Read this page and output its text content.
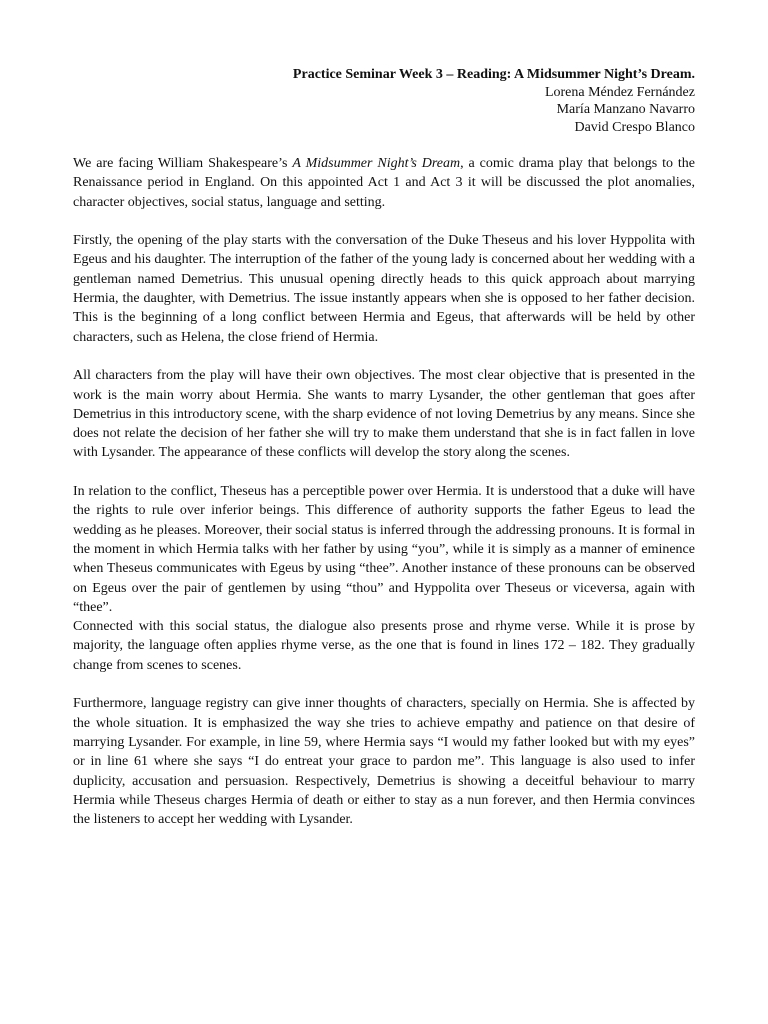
Practice Seminar Week 3 – Reading: A Midsummer Night’s Dream.
Lorena Méndez Fernández
María Manzano Navarro
David Crespo Blanco

We are facing William Shakespeare’s A Midsummer Night’s Dream, a comic drama play that belongs to the Renaissance period in England. On this appointed Act 1 and Act 3 it will be discussed the plot anomalies, character objectives, social status, language and setting.

Firstly, the opening of the play starts with the conversation of the Duke Theseus and his lover Hyppolita with Egeus and his daughter. The interruption of the father of the young lady is concerned about her wedding with a gentleman named Demetrius. This unusual opening directly heads to this quick approach about marrying Hermia, the daughter, with Demetrius. The issue instantly appears when she is opposed to her father decision. This is the beginning of a long conflict between Hermia and Egeus, that afterwards will be held by other characters, such as Helena, the close friend of Hermia.

All characters from the play will have their own objectives. The most clear objective that is presented in the work is the main worry about Hermia. She wants to marry Lysander, the other gentleman that goes after Demetrius in this introductory scene, with the sharp evidence of not loving Demetrius by any means. Since she does not relate the decision of her father she will try to make them understand that she is in fact fallen in love with Lysander. The appearance of these conflicts will develop the story along the scenes.

In relation to the conflict, Theseus has a perceptible power over Hermia. It is understood that a duke will have the rights to rule over inferior beings. This difference of authority supports the father Egeus to lead the wedding as he pleases. Moreover, their social status is inferred through the addressing pronouns. It is formal in the moment in which Hermia talks with her father by using “you”, while it is simply as a manner of eminence when Theseus communicates with Egeus by using “thee”. Another instance of these pronouns can be observed on Egeus over the pair of gentlemen by using “thou” and Hyppolita over Theseus or viceversa, again with “thee”.

Connected with this social status, the dialogue also presents prose and rhyme verse. While it is prose by majority, the language often applies rhyme verse, as the one that is found in lines 172 – 182. They gradually change from scenes to scenes.

Furthermore, language registry can give inner thoughts of characters, specially on Hermia. She is affected by the whole situation. It is emphasized the way she tries to achieve empathy and patience on that desire of marrying Lysander. For example, in line 59, where Hermia says “I would my father looked but with my eyes” or in line 61 where she says “I do entreat your grace to pardon me”. This language is also used to infer duplicity, accusation and persuasion. Respectively, Demetrius is showing a deceitful behaviour to marry Hermia while Theseus charges Hermia of death or either to stay as a nun forever, and then Hermia convinces the listeners to accept her wedding with Lysander.
